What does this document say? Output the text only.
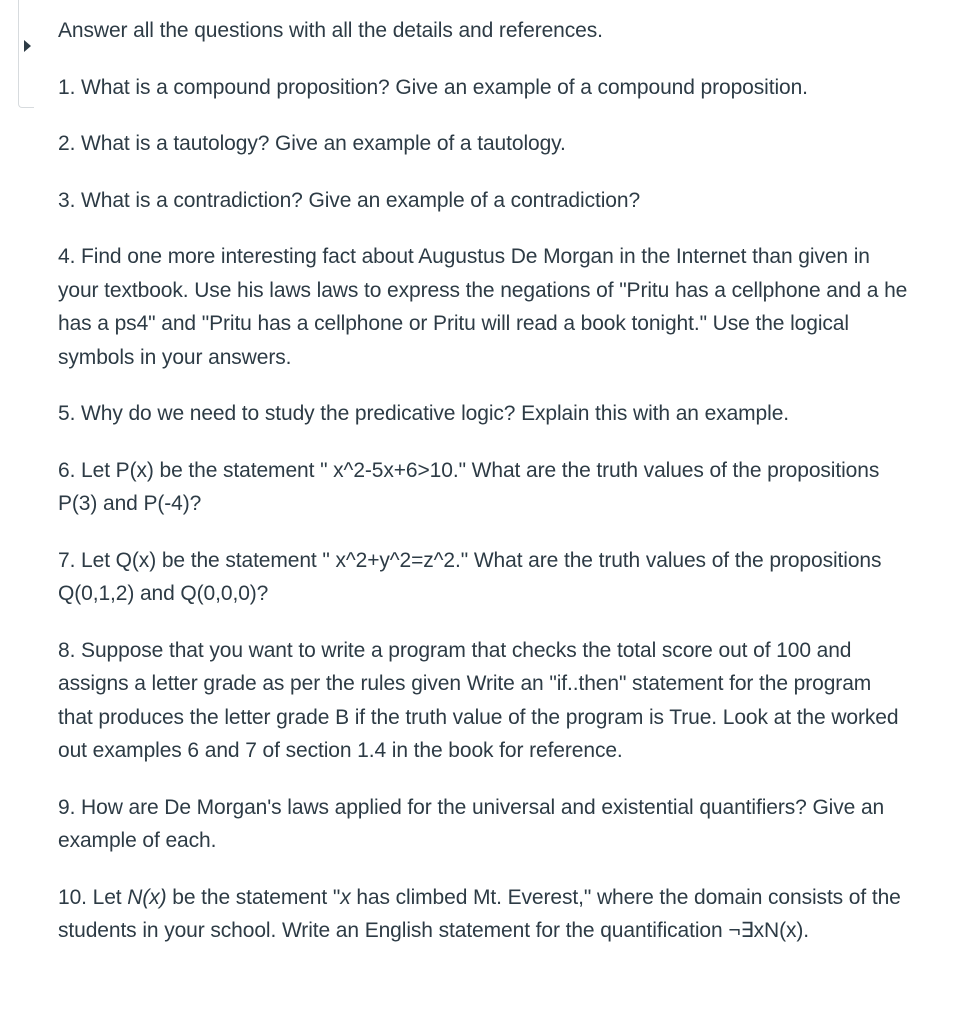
Answer all the questions with all the details and references.

1. What is a compound proposition? Give an example of a compound proposition.

2. What is a tautology? Give an example of a tautology.

3. What is a contradiction? Give an example of a contradiction?

4. Find one more interesting fact about Augustus De Morgan in the Internet than given in your textbook. Use his laws laws to express the negations of "Pritu has a cellphone and a he has a ps4" and "Pritu has a cellphone or Pritu will read a book tonight." Use the logical symbols in your answers.

5. Why do we need to study the predicative logic? Explain this with an example.

6. Let P(x) be the statement " x^2-5x+6>10." What are the truth values of the propositions P(3) and P(-4)?

7. Let Q(x) be the statement " x^2+y^2=z^2." What are the truth values of the propositions Q(0,1,2) and Q(0,0,0)?

8. Suppose that you want to write a program that checks the total score out of 100 and assigns a letter grade as per the rules given Write an "if..then" statement for the program that produces the letter grade B if the truth value of the program is True. Look at the worked out examples 6 and 7 of section 1.4 in the book for reference.

9. How are De Morgan's laws applied for the universal and existential quantifiers? Give an example of each.

10. Let N(x) be the statement "x has climbed Mt. Everest," where the domain consists of the students in your school. Write an English statement for the quantification ¬∃xN(x).
